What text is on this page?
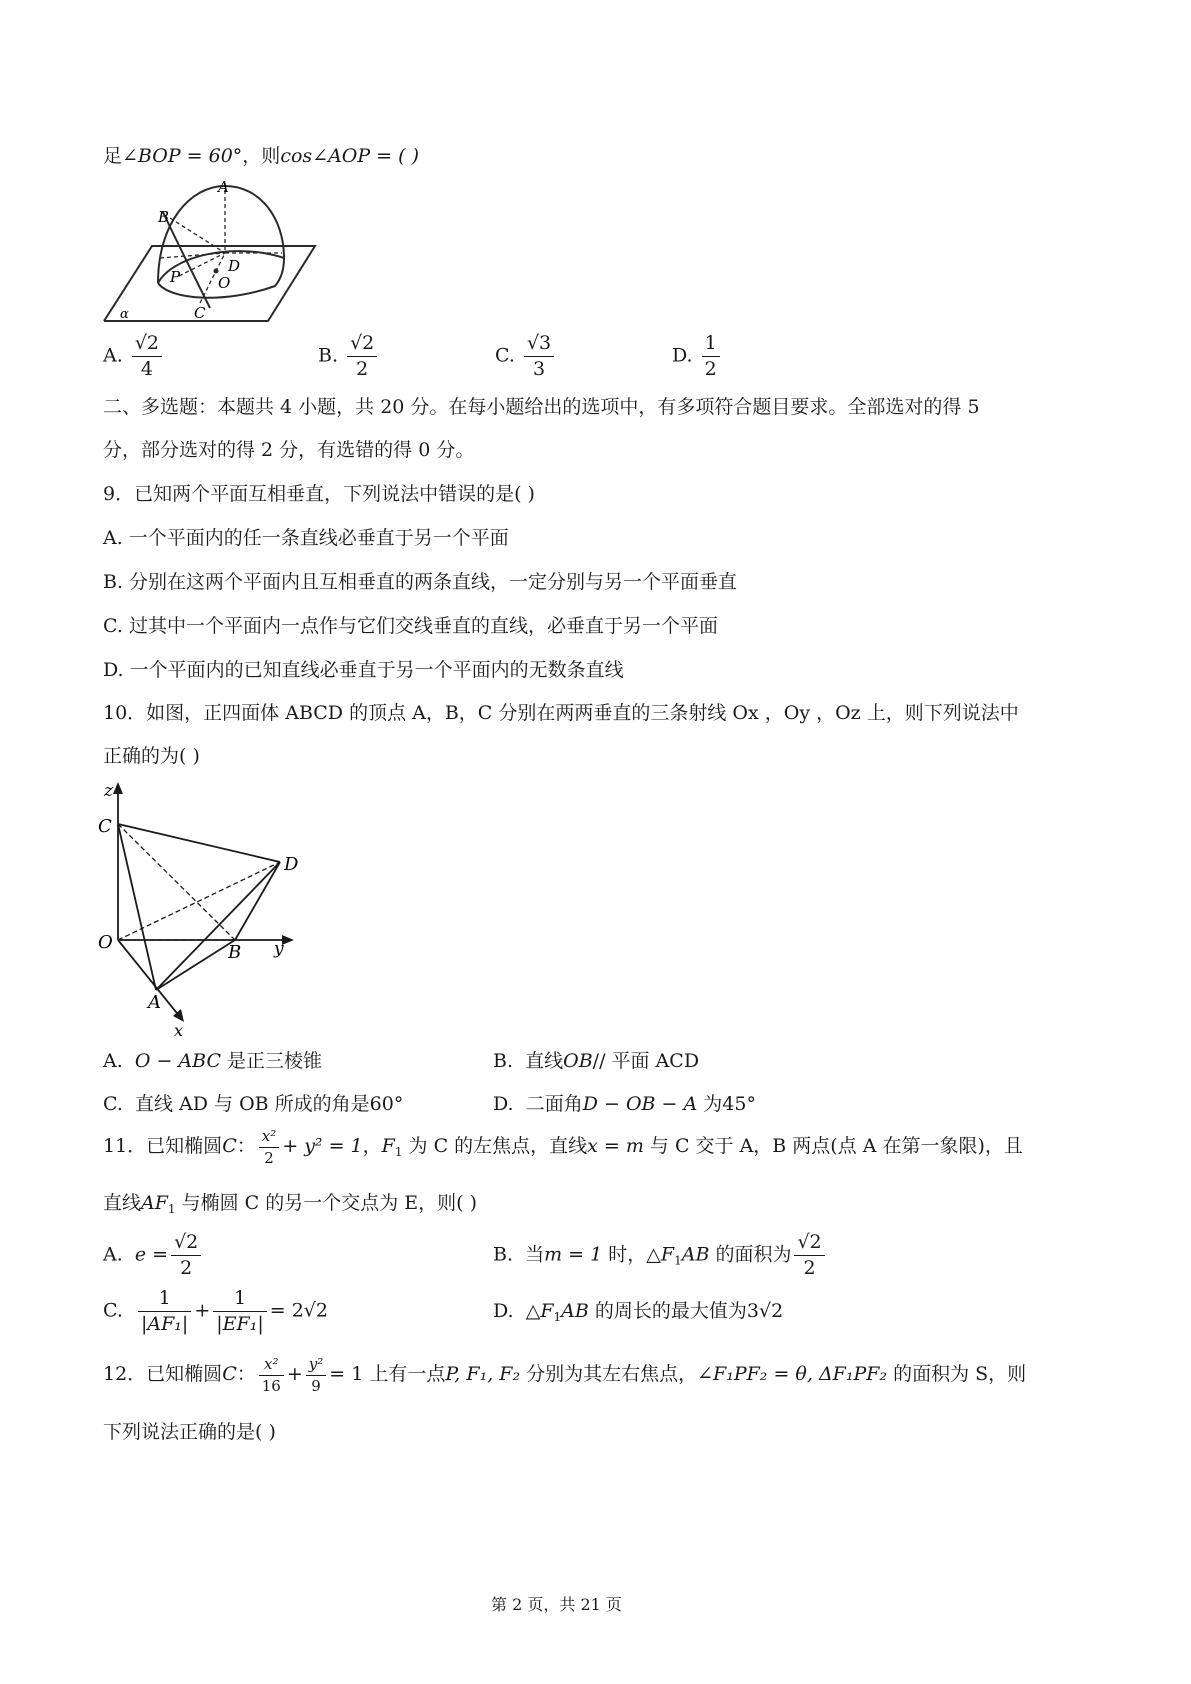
足∠BOP = 60°，则cos∠AOP = ( )
A
B
D
P	O
C
α
A. $\frac{√2}{4}$	B. $\frac{√2}{2}$	C. $\frac{√3}{3}$	D. $\frac{1}{2}$
二、多选题：本题共 4 小题，共 20 分。在每小题给出的选项中，有多项符合题目要求。全部选对的得 5
分，部分选对的得 2 分，有选错的得 0 分。
9．已知两个平面互相垂直，下列说法中错误的是( )
A. 一个平面内的任一条直线必垂直于另一个平面
B. 分别在这两个平面内且互相垂直的两条直线，一定分别与另一个平面垂直
C. 过其中一个平面内一点作与它们交线垂直的直线，必垂直于另一个平面
D. 一个平面内的已知直线必垂直于另一个平面内的无数条直线
10．如图，正四面体 ABCD 的顶点 A，B，C 分别在两两垂直的三条射线 Ox ，Oy ，Oz 上，则下列说法中
正确的为( )
z
C
D
O	B y
A
x
A. O − ABC 是正三棱锥	B. 直线OB// 平面 ACD
C. 直线 AD 与 OB 所成的角是60°	D. 二面角D − OB − A 为45°
11．已知椭圆C： $\frac{\text{x²}}{2} + y^2 = 1$，$F_1$ 为 C 的左焦点，直线x = m 与 C 交于 A，B 两点(点 A 在第一象限)，且
直线$AF_1$ 与椭圆 C 的另一个交点为 E，则( )
A. $e = \frac{√2}{2}$	B. 当m = 1 时，$\triangle F_1AB$ 的面积为 $\frac{√2}{2}$
C. $\frac{1}{\text{|AF₁|}} + \frac{1}{\text{|EF₁|}} = 2√2$	D. $\triangle F_1AB$ 的周长的最大值为3√2
12．已知椭圆C： $\frac{\text{x²}}{16} + \frac{\text{y²}}{9} = 1$ 上有一点P, F₁, F₂ 分别为其左右焦点，∠F₁PF₂ = θ, ΔF₁PF₂ 的面积为 S，则
下列说法正确的是( )
第 2 页，共 21 页
